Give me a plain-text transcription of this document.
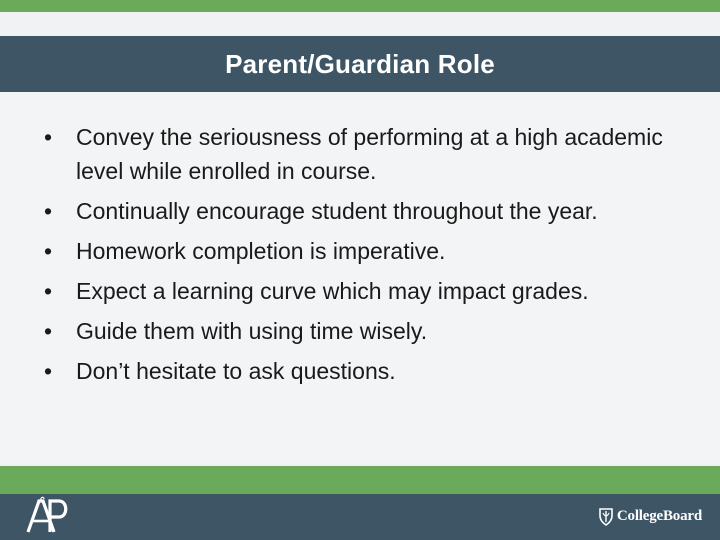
Parent/Guardian Role
•	Convey the seriousness of performing at a high academic level while enrolled in course.
•	Continually encourage student throughout the year.
•	Homework completion is imperative.
•	Expect a learning curve which may impact grades.
•	Guide them with using time wisely.
•	Don’t hesitate to ask questions.
CollegeBoard
